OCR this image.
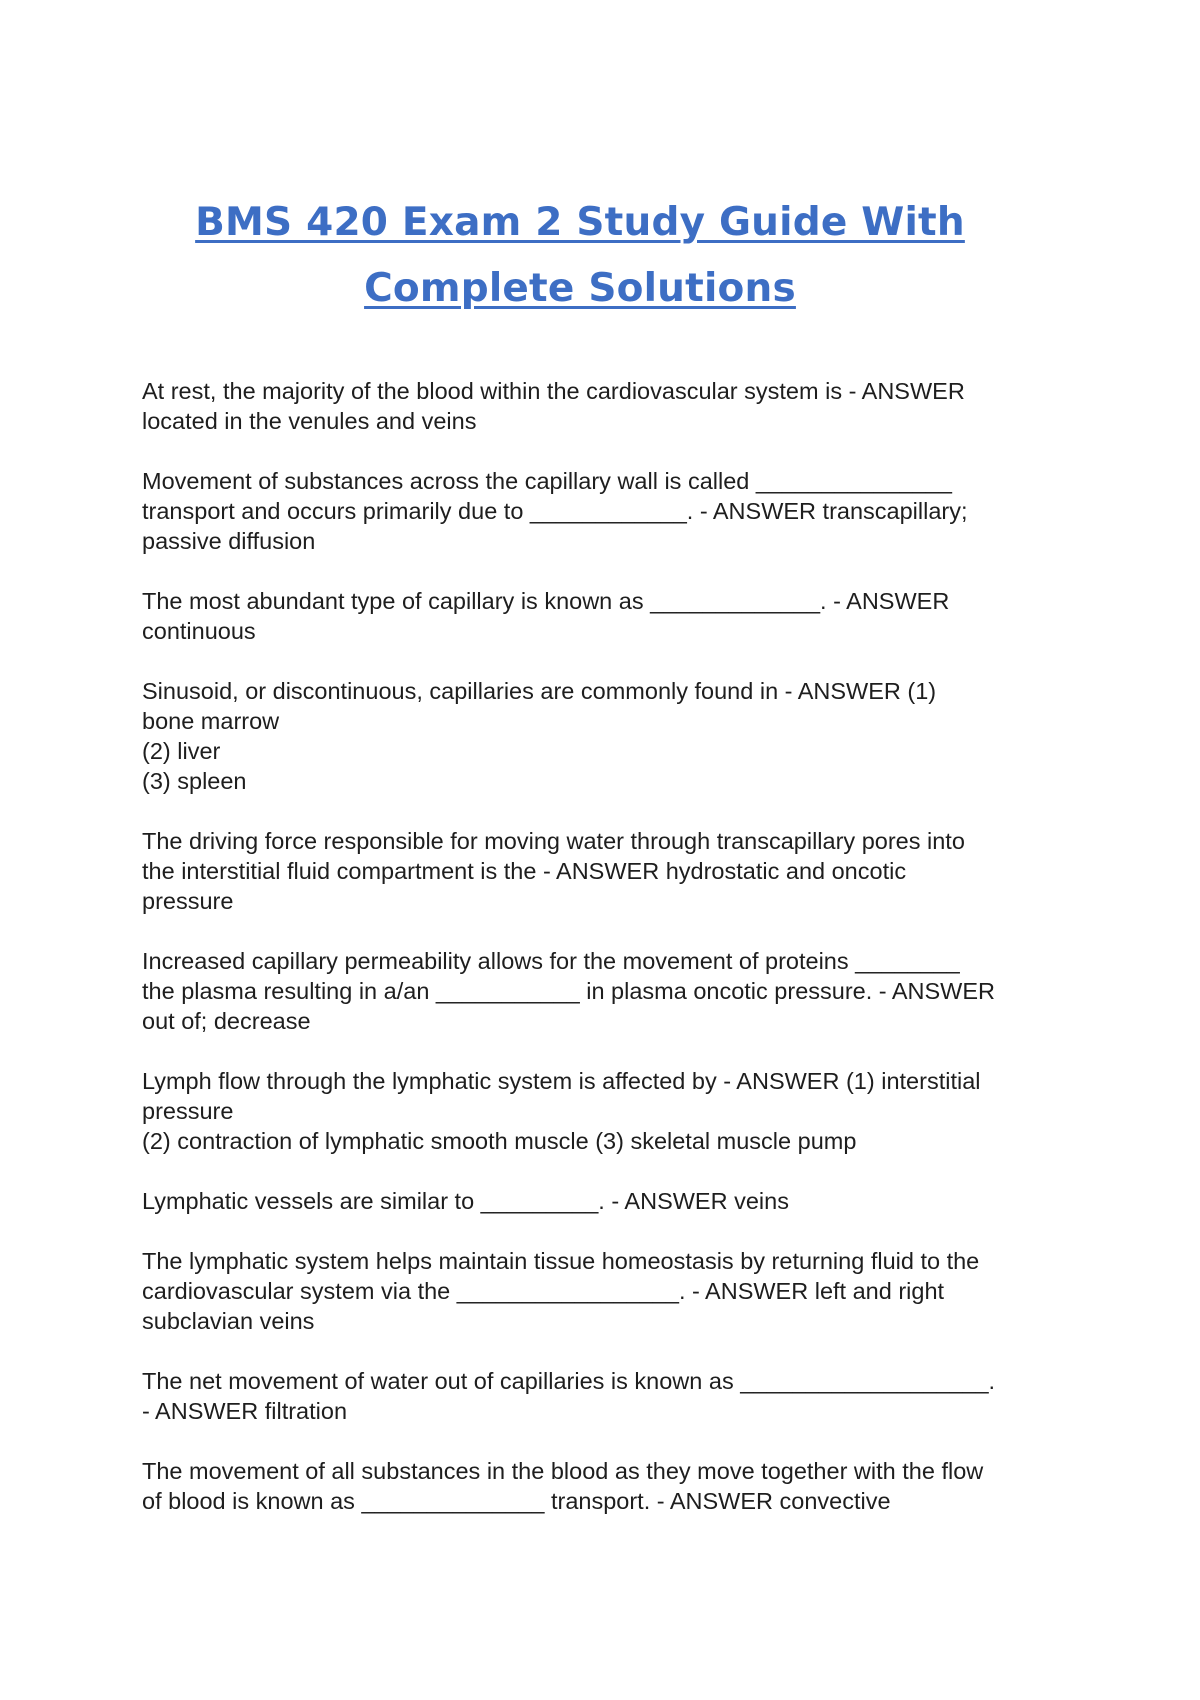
BMS 420 Exam 2 Study Guide With
Complete Solutions
At rest, the majority of the blood within the cardiovascular system is - ANSWER
located in the venules and veins
Movement of substances across the capillary wall is called _______________
transport and occurs primarily due to ____________. - ANSWER transcapillary;
passive diffusion
The most abundant type of capillary is known as _____________. - ANSWER
continuous
Sinusoid, or discontinuous, capillaries are commonly found in - ANSWER (1)
bone marrow
(2) liver
(3) spleen
The driving force responsible for moving water through transcapillary pores into
the interstitial fluid compartment is the - ANSWER hydrostatic and oncotic
pressure
Increased capillary permeability allows for the movement of proteins ________
the plasma resulting in a/an ___________ in plasma oncotic pressure. - ANSWER
out of; decrease
Lymph flow through the lymphatic system is affected by - ANSWER (1) interstitial
pressure
(2) contraction of lymphatic smooth muscle (3) skeletal muscle pump
Lymphatic vessels are similar to _________. - ANSWER veins
The lymphatic system helps maintain tissue homeostasis by returning fluid to the
cardiovascular system via the _________________. - ANSWER left and right
subclavian veins
The net movement of water out of capillaries is known as ___________________.
- ANSWER filtration
The movement of all substances in the blood as they move together with the flow
of blood is known as ______________ transport. - ANSWER convective
